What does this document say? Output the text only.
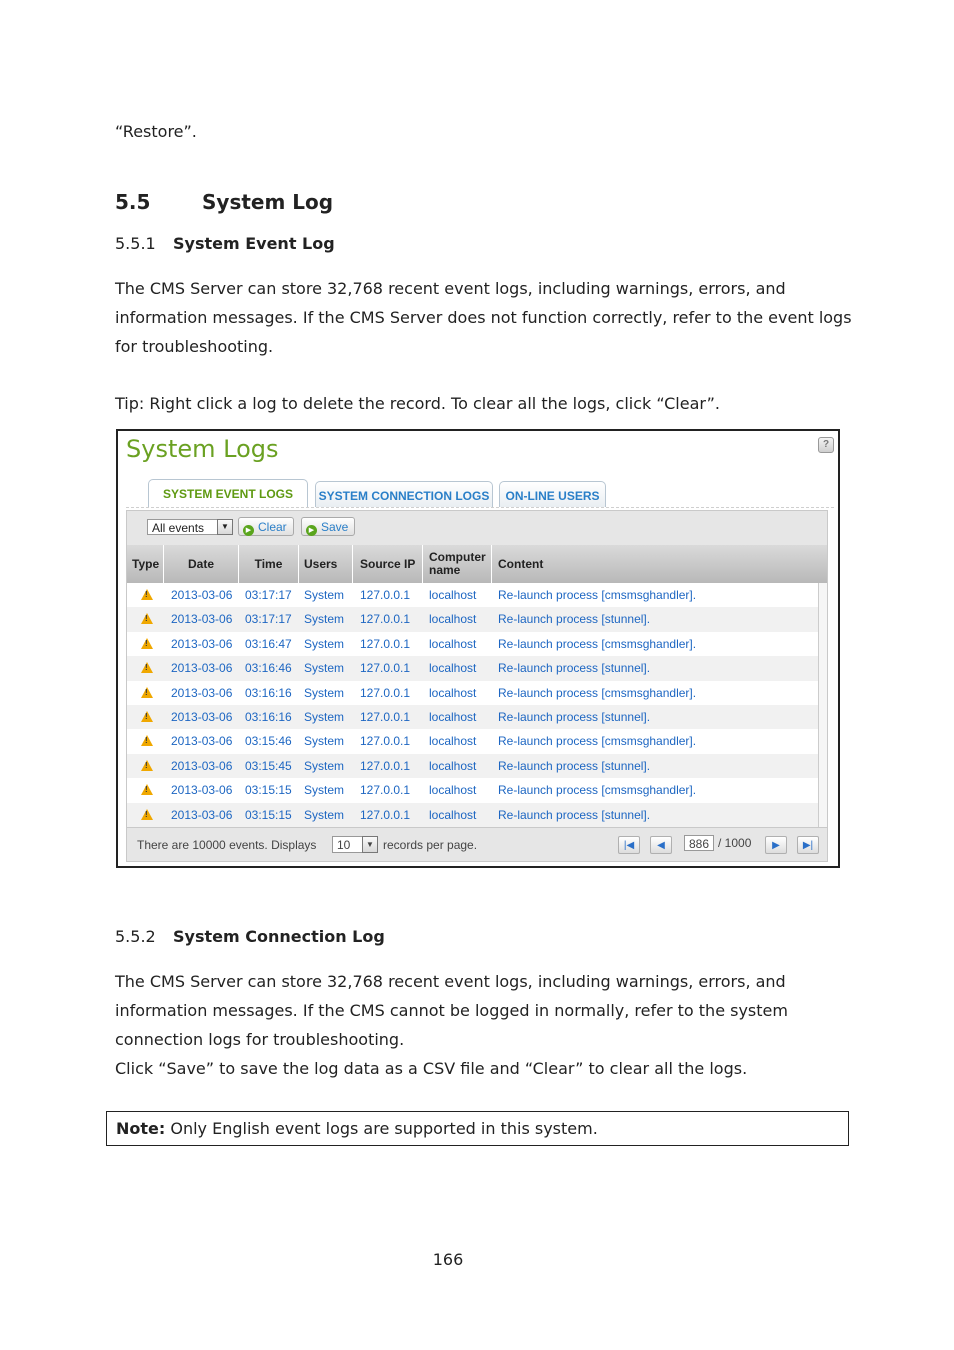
“Restore”.
5.5	System Log
5.5.1 System Event Log
The CMS Server can store 32,768 recent event logs, including warnings, errors, and information messages. If the CMS Server does not function correctly, refer to the event logs for troubleshooting.
Tip: Right click a log to delete the record. To clear all the logs, click “Clear”.
System Logs	?
SYSTEM EVENT LOGS	SYSTEM CONNECTION LOGS	ON-LINE USERS
All events	▼	▶ Clear	▶ Save
Type	Date	Time	Users	Source IP	Computer name	Content
!
2013-03-06 03:17:17 System 127.0.0.1 localhost Re-launch process [cmsmsghandler].
!
2013-03-06 03:17:17 System 127.0.0.1 localhost Re-launch process [stunnel].
!
2013-03-06 03:16:47 System 127.0.0.1 localhost Re-launch process [cmsmsghandler].
!
2013-03-06 03:16:46 System 127.0.0.1 localhost Re-launch process [stunnel].
!
2013-03-06 03:16:16 System 127.0.0.1 localhost Re-launch process [cmsmsghandler].
!
2013-03-06 03:16:16 System 127.0.0.1 localhost Re-launch process [stunnel].
!
2013-03-06 03:15:46 System 127.0.0.1 localhost Re-launch process [cmsmsghandler].
!
2013-03-06 03:15:45 System 127.0.0.1 localhost Re-launch process [stunnel].
!
2013-03-06 03:15:15 System 127.0.0.1 localhost Re-launch process [cmsmsghandler].
!
2013-03-06 03:15:15 System 127.0.0.1 localhost Re-launch process [stunnel].
There are 10000 events. Displays	10	▼ records per page.	|◀	◀	886 / 1000	▶	▶|
5.5.2 System Connection Log
The CMS Server can store 32,768 recent event logs, including warnings, errors, and information messages. If the CMS cannot be logged in normally, refer to the system connection logs for troubleshooting.
Click “Save” to save the log data as a CSV file and “Clear” to clear all the logs.
Note: Only English event logs are supported in this system.
166
